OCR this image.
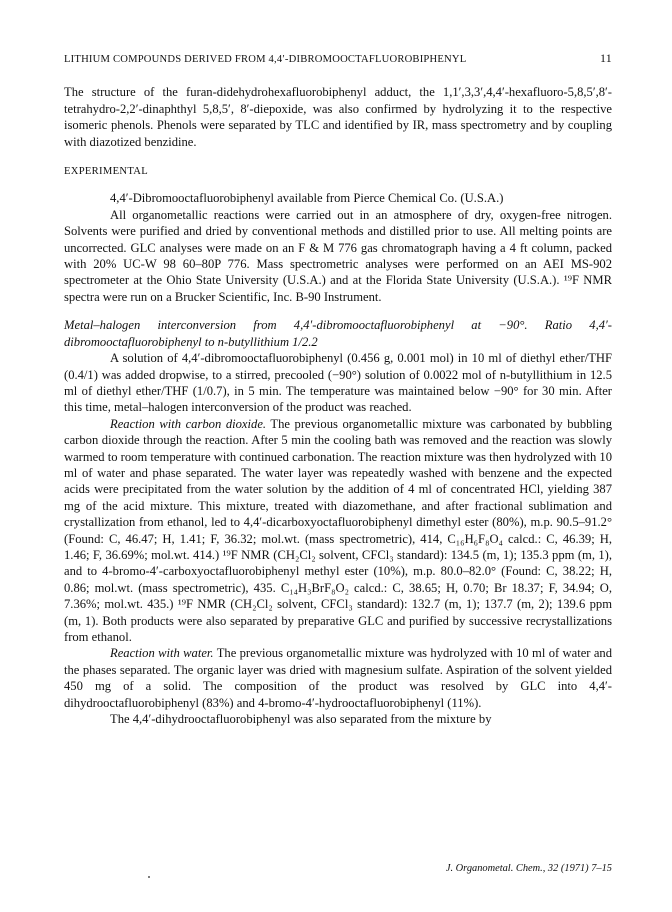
LITHIUM COMPOUNDS DERIVED FROM 4,4′-DIBROMOOCTAFLUOROBIPHENYL	11

The structure of the furan-didehydrohexafluorobiphenyl adduct, the 1,1′,3,3′,4,4′-hexafluoro-5,8,5′,8′-tetrahydro-2,2′-dinaphthyl 5,8,5′, 8′-diepoxide, was also confirmed by hydrolyzing it to the respective isomeric phenols. Phenols were separated by TLC and identified by IR, mass spectrometry and by coupling with diazotized benzidine.

EXPERIMENTAL

4,4′-Dibromooctafluorobiphenyl available from Pierce Chemical Co. (U.S.A.)

All organometallic reactions were carried out in an atmosphere of dry, oxygen-free nitrogen. Solvents were purified and dried by conventional methods and distilled prior to use. All melting points are uncorrected. GLC analyses were made on an F & M 776 gas chromatograph having a 4 ft column, packed with 20% UC-W 98 60–80P 776. Mass spectrometric analyses were performed on an AEI MS-902 spectrometer at the Ohio State University (U.S.A.) and at the Florida State University (U.S.A.). ¹⁹F NMR spectra were run on a Brucker Scientific, Inc. B-90 Instrument.

Metal–halogen interconversion from 4,4′-dibromooctafluorobiphenyl at −90°. Ratio 4,4′-dibromooctafluorobiphenyl to n-butyllithium 1/2.2

A solution of 4,4′-dibromooctafluorobiphenyl (0.456 g, 0.001 mol) in 10 ml of diethyl ether/THF (0.4/1) was added dropwise, to a stirred, precooled (−90°) solution of 0.0022 mol of n-butyllithium in 12.5 ml of diethyl ether/THF (1/0.7), in 5 min. The temperature was maintained below −90° for 30 min. After this time, metal–halogen interconversion of the product was reached.

Reaction with carbon dioxide. The previous organometallic mixture was carbonated by bubbling carbon dioxide through the reaction. After 5 min the cooling bath was removed and the reaction was slowly warmed to room temperature with continued carbonation. The reaction mixture was then hydrolyzed with 10 ml of water and phase separated. The water layer was repeatedly washed with benzene and the expected acids were precipitated from the water solution by the addition of 4 ml of concentrated HCl, yielding 387 mg of the acid mixture. This mixture, treated with diazomethane, and after fractional sublimation and crystallization from ethanol, led to 4,4′-dicarboxyoctafluorobiphenyl dimethyl ester (80%), m.p. 90.5–91.2° (Found: C, 46.47; H, 1.41; F, 36.32; mol.wt. (mass spectrometric), 414, C₁₆H₆F₈O₄ calcd.: C, 46.39; H, 1.46; F, 36.69%; mol.wt. 414.) ¹⁹F NMR (CH₂Cl₂ solvent, CFCl₃ standard): 134.5 (m, 1); 135.3 ppm (m, 1), and to 4-bromo-4′-carboxyoctafluorobiphenyl methyl ester (10%), m.p. 80.0–82.0° (Found: C, 38.22; H, 0.86; mol.wt. (mass spectrometric), 435. C₁₄H₃BrF₈O₂ calcd.: C, 38.65; H, 0.70; Br 18.37; F, 34.94; O, 7.36%; mol.wt. 435.) ¹⁹F NMR (CH₂Cl₂ solvent, CFCl₃ standard): 132.7 (m, 1); 137.7 (m, 2); 139.6 ppm (m, 1). Both products were also separated by preparative GLC and purified by successive recrystallizations from ethanol.

Reaction with water. The previous organometallic mixture was hydrolyzed with 10 ml of water and the phases separated. The organic layer was dried with magnesium sulfate. Aspiration of the solvent yielded 450 mg of a solid. The composition of the product was resolved by GLC into 4,4′-dihydrooctafluorobiphenyl (83%) and 4-bromo-4′-hydrooctafluorobiphenyl (11%).

The 4,4′-dihydrooctafluorobiphenyl was also separated from the mixture by

J. Organometal. Chem., 32 (1971) 7–15
